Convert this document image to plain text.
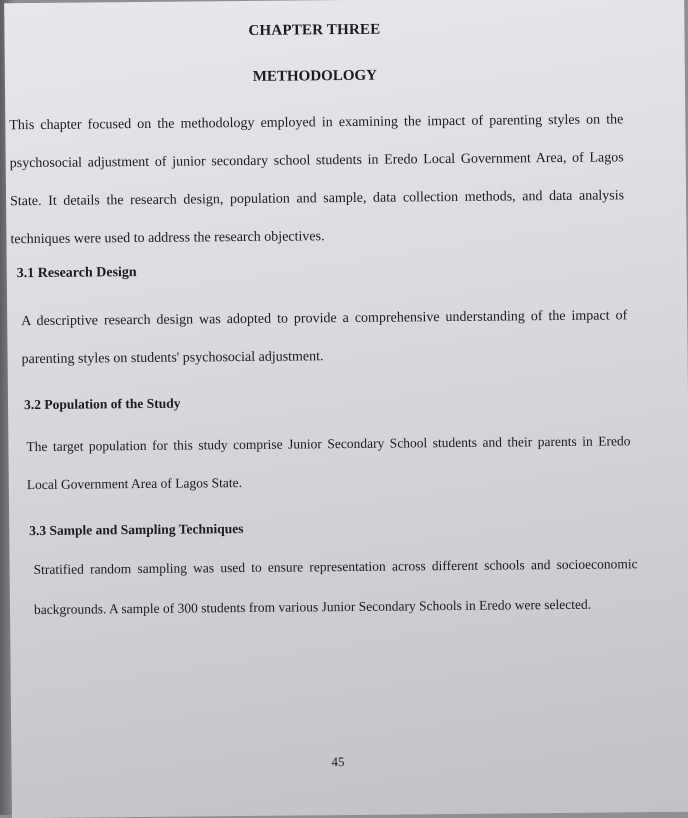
CHAPTER THREE
METHODOLOGY

This chapter focused on the methodology employed in examining the impact of parenting styles on the psychosocial adjustment of junior secondary school students in Eredo Local Government Area, of Lagos State. It details the research design, population and sample, data collection methods, and data analysis techniques were used to address the research objectives.

3.1 Research Design

A descriptive research design was adopted to provide a comprehensive understanding of the impact of parenting styles on students' psychosocial adjustment.

3.2 Population of the Study

The target population for this study comprise Junior Secondary School students and their parents in Eredo Local Government Area of Lagos State.

3.3 Sample and Sampling Techniques

Stratified random sampling was used to ensure representation across different schools and socioeconomic backgrounds. A sample of 300 students from various Junior Secondary Schools in Eredo were selected.

45
